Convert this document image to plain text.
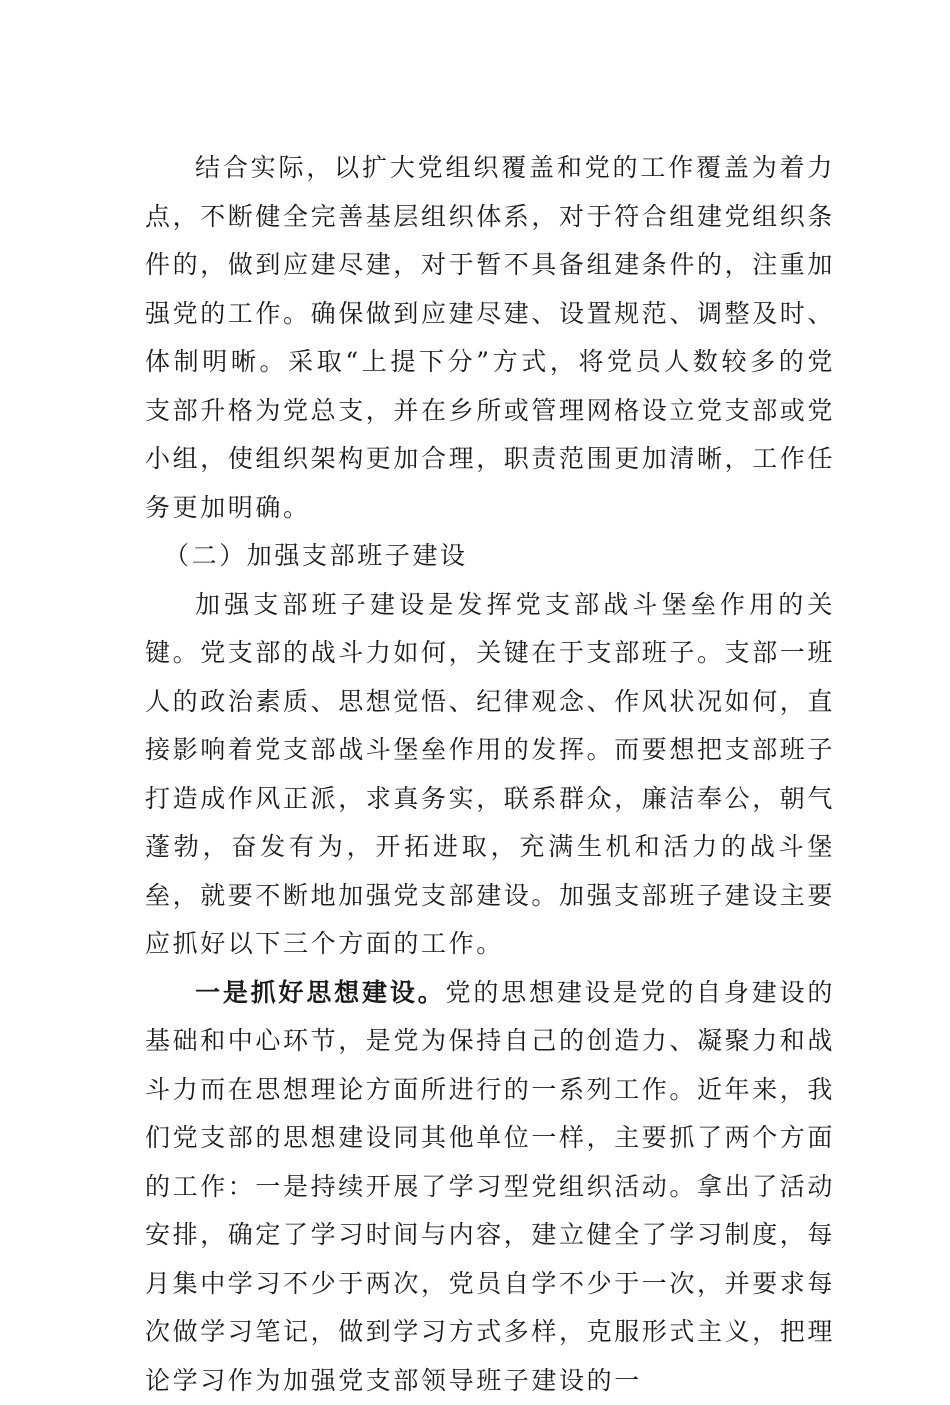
结合实际，以扩大党组织覆盖和党的工作覆盖为着力点，不断健全完善基层组织体系，对于符合组建党组织条件的，做到应建尽建，对于暂不具备组建条件的，注重加强党的工作。确保做到应建尽建、设置规范、调整及时、体制明晰。采取“上提下分”方式，将党员人数较多的党支部升格为党总支，并在乡所或管理网格设立党支部或党小组，使组织架构更加合理，职责范围更加清晰，工作任务更加明确。

（二）加强支部班子建设

加强支部班子建设是发挥党支部战斗堡垒作用的关键。党支部的战斗力如何，关键在于支部班子。支部一班人的政治素质、思想觉悟、纪律观念、作风状况如何，直接影响着党支部战斗堡垒作用的发挥。而要想把支部班子打造成作风正派，求真务实，联系群众，廉洁奉公，朝气蓬勃，奋发有为，开拓进取，充满生机和活力的战斗堡垒，就要不断地加强党支部建设。加强支部班子建设主要应抓好以下三个方面的工作。

一是抓好思想建设。党的思想建设是党的自身建设的基础和中心环节，是党为保持自己的创造力、凝聚力和战斗力而在思想理论方面所进行的一系列工作。近年来，我们党支部的思想建设同其他单位一样，主要抓了两个方面的工作：一是持续开展了学习型党组织活动。拿出了活动安排，确定了学习时间与内容，建立健全了学习制度，每月集中学习不少于两次，党员自学不少于一次，并要求每次做学习笔记，做到学习方式多样，克服形式主义，把理论学习作为加强党支部领导班子建设的一
